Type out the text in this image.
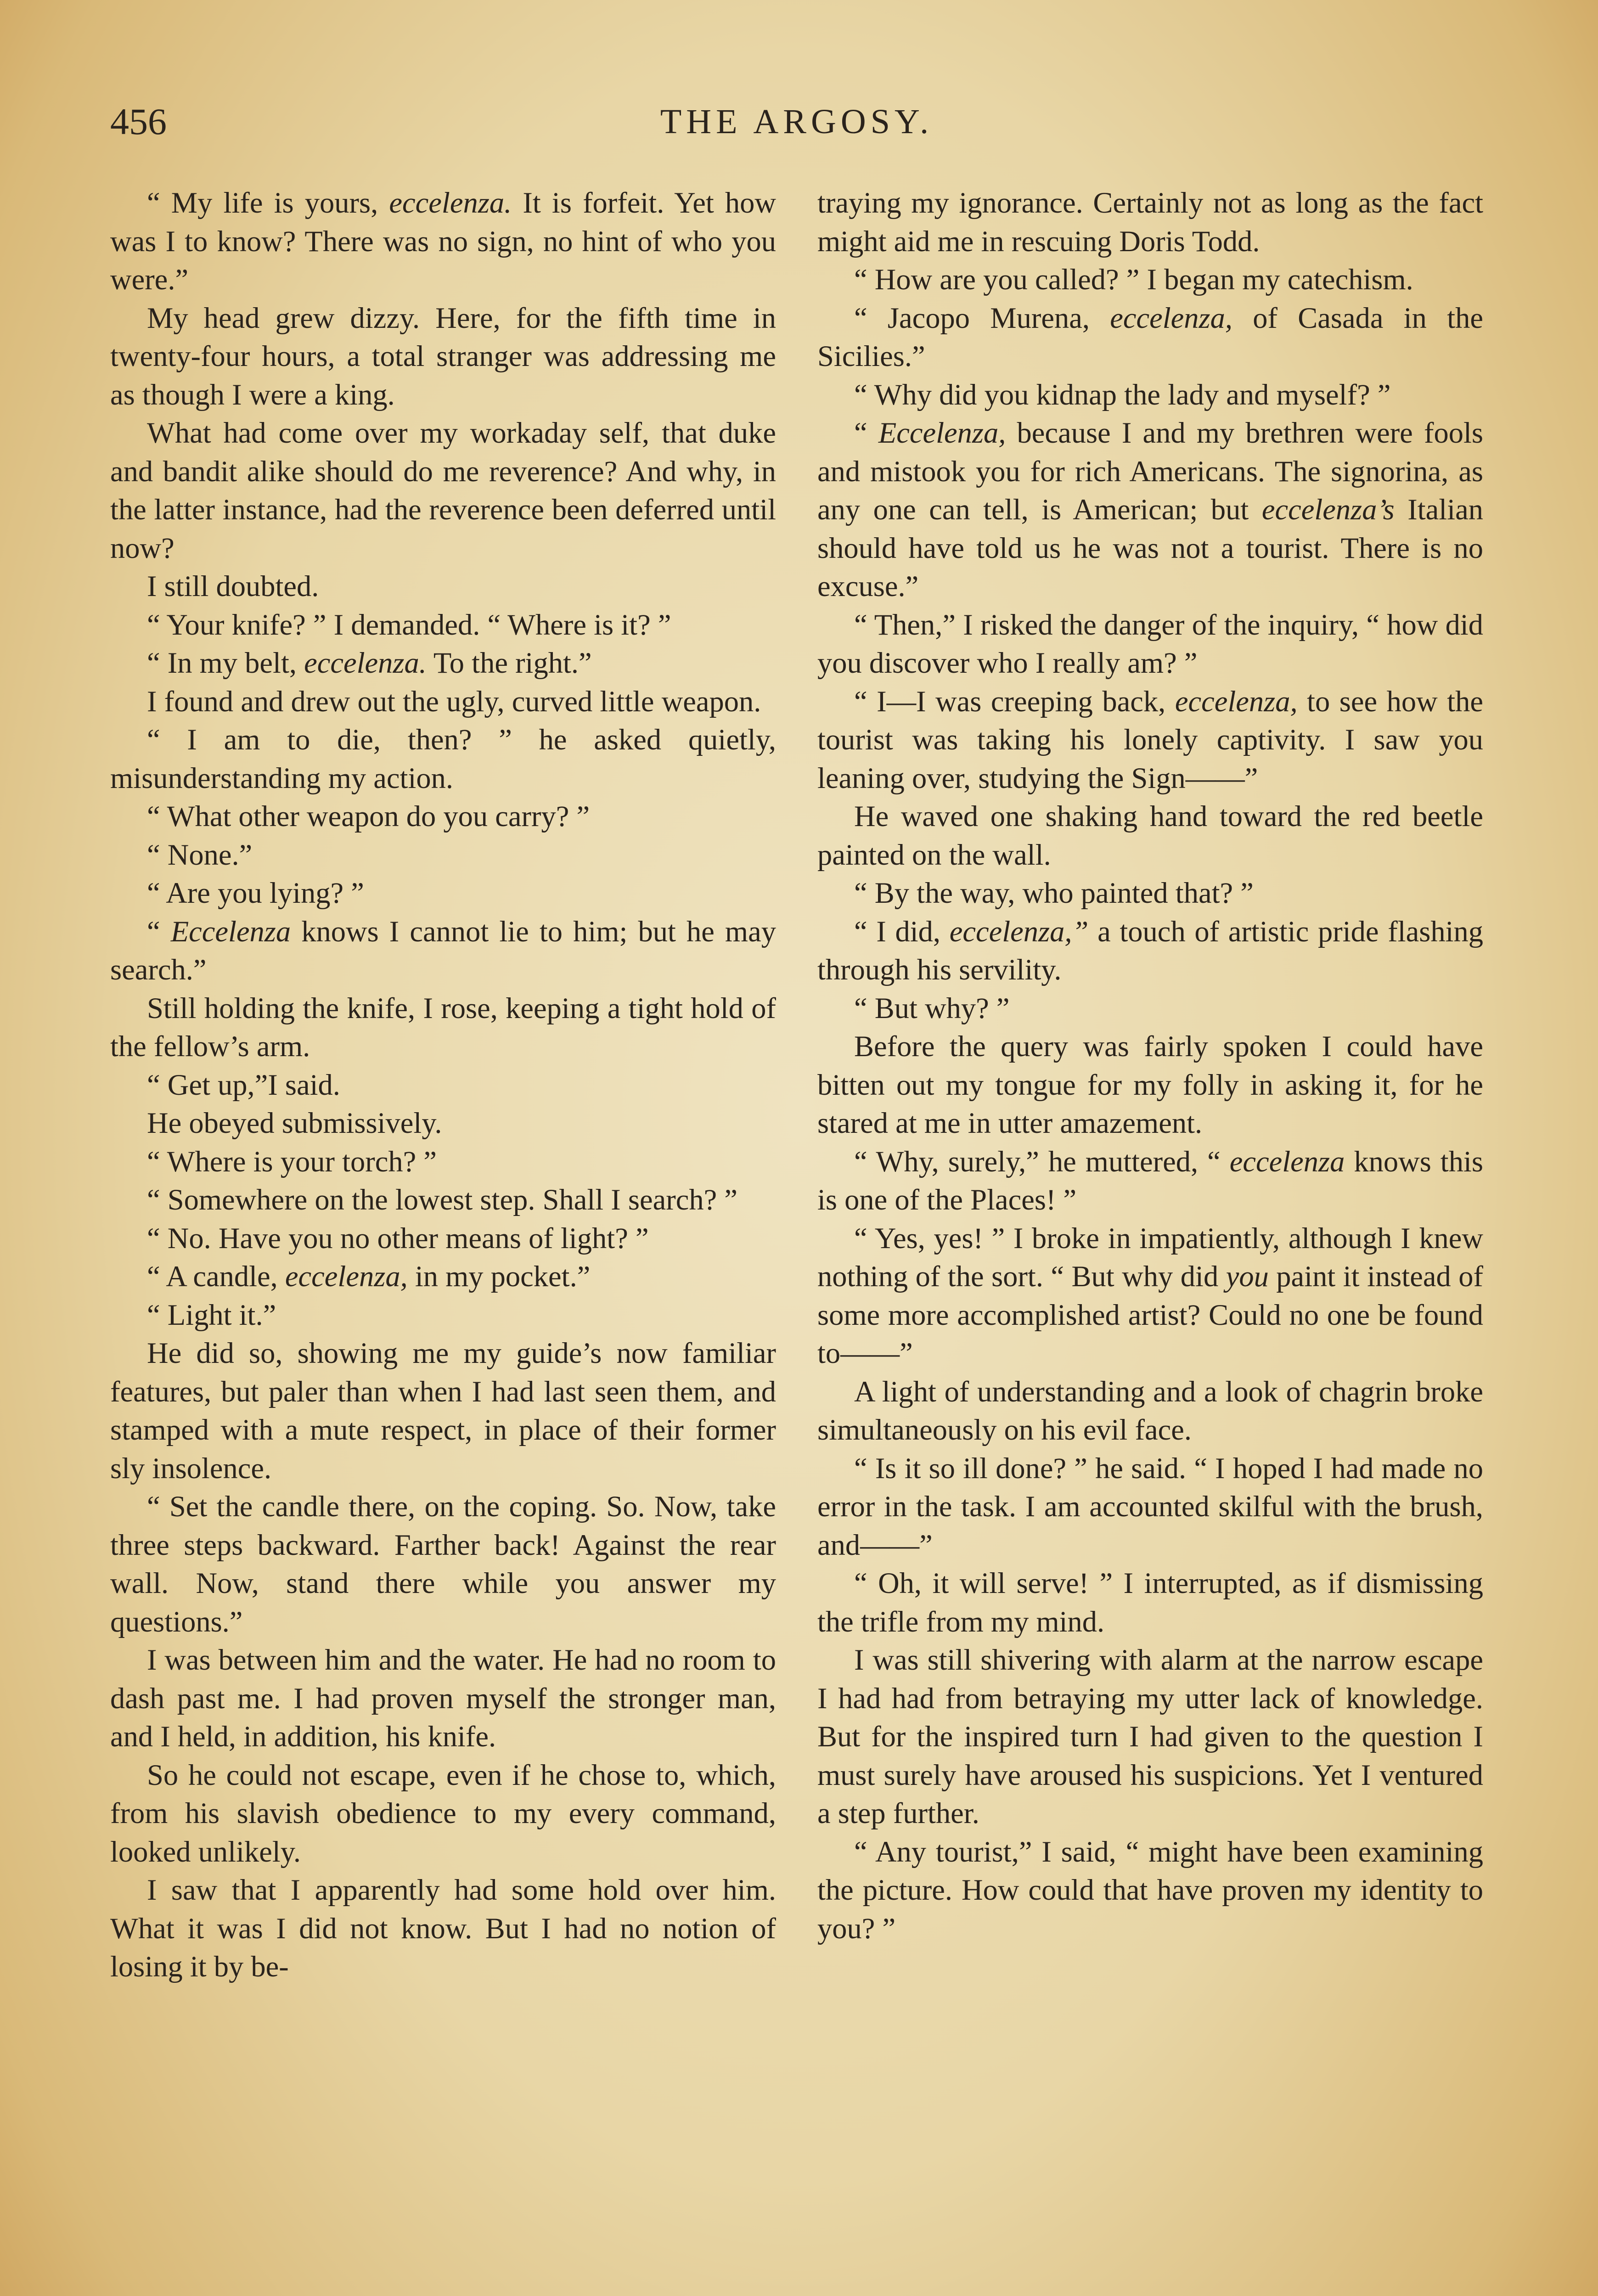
456	THE ARGOSY.

“ My life is yours, eccelenza. It is forfeit. Yet how was I to know? There was no sign, no hint of who you were.”

My head grew dizzy. Here, for the fifth time in twenty-four hours, a total stranger was addressing me as though I were a king.

What had come over my workaday self, that duke and bandit alike should do me reverence? And why, in the latter instance, had the reverence been deferred until now?

I still doubted.

“ Your knife? ” I demanded. “ Where is it? ”

“ In my belt, eccelenza. To the right.”

I found and drew out the ugly, curved little weapon.

“ I am to die, then? ” he asked quietly, misunderstanding my action.

“ What other weapon do you carry? ”

“ None.”

“ Are you lying? ”

“ Eccelenza knows I cannot lie to him; but he may search.”

Still holding the knife, I rose, keeping a tight hold of the fellow’s arm.

“ Get up,”I said.

He obeyed submissively.

“ Where is your torch? ”

“ Somewhere on the lowest step. Shall I search? ”

“ No. Have you no other means of light? ”

“ A candle, eccelenza, in my pocket.”

“ Light it.”

He did so, showing me my guide’s now familiar features, but paler than when I had last seen them, and stamped with a mute respect, in place of their former sly insolence.

“ Set the candle there, on the coping. So. Now, take three steps backward. Farther back! Against the rear wall. Now, stand there while you answer my questions.”

I was between him and the water. He had no room to dash past me. I had proven myself the stronger man, and I held, in addition, his knife.

So he could not escape, even if he chose to, which, from his slavish obedience to my every command, looked unlikely.

I saw that I apparently had some hold over him. What it was I did not know. But I had no notion of losing it by be-

traying my ignorance. Certainly not as long as the fact might aid me in rescuing Doris Todd.

“ How are you called? ” I began my catechism.

“ Jacopo Murena, eccelenza, of Casada in the Sicilies.”

“ Why did you kidnap the lady and myself? ”

“ Eccelenza, because I and my brethren were fools and mistook you for rich Americans. The signorina, as any one can tell, is American; but eccelenza’s Italian should have told us he was not a tourist. There is no excuse.”

“ Then,” I risked the danger of the inquiry, “ how did you discover who I really am? ”

“ I—I was creeping back, eccelenza, to see how the tourist was taking his lonely captivity. I saw you leaning over, studying the Sign——”

He waved one shaking hand toward the red beetle painted on the wall.

“ By the way, who painted that? ”

“ I did, eccelenza,” a touch of artistic pride flashing through his servility.

“ But why? ”

Before the query was fairly spoken I could have bitten out my tongue for my folly in asking it, for he stared at me in utter amazement.

“ Why, surely,” he muttered, “ eccelenza knows this is one of the Places! ”

“ Yes, yes! ” I broke in impatiently, although I knew nothing of the sort. “ But why did you paint it instead of some more accomplished artist? Could no one be found to——”

A light of understanding and a look of chagrin broke simultaneously on his evil face.

“ Is it so ill done? ” he said. “ I hoped I had made no error in the task. I am accounted skilful with the brush, and——”

“ Oh, it will serve! ” I interrupted, as if dismissing the trifle from my mind.

I was still shivering with alarm at the narrow escape I had had from betraying my utter lack of knowledge. But for the inspired turn I had given to the question I must surely have aroused his suspicions. Yet I ventured a step further.

“ Any tourist,” I said, “ might have been examining the picture. How could that have proven my identity to you? ”
